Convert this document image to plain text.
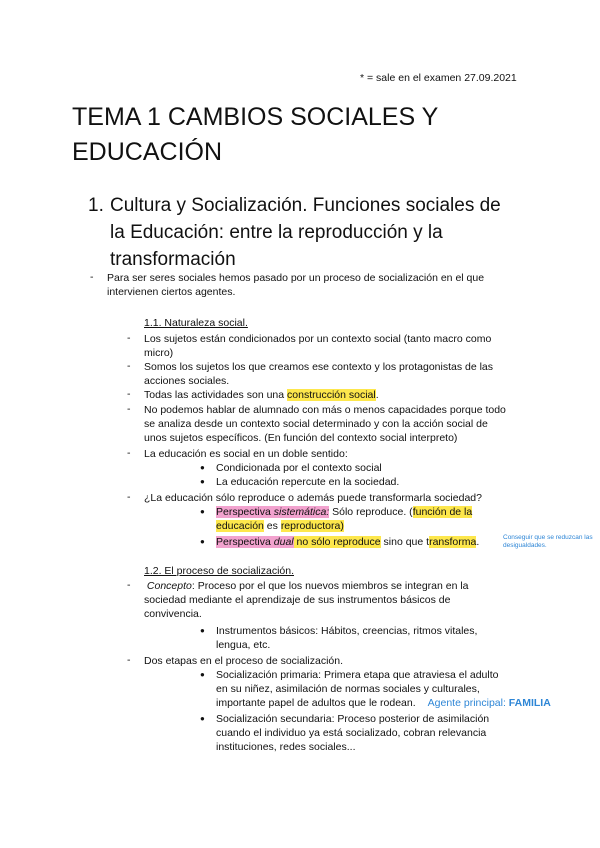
* = sale en el examen 27.09.2021
TEMA 1 CAMBIOS SOCIALES Y
EDUCACIÓN
1. Cultura y Socialización. Funciones sociales de
la Educación: entre la reproducción y la
transformación
- Para ser seres sociales hemos pasado por un proceso de socialización en el que
intervienen ciertos agentes.
1.1. Naturaleza social.
- Los sujetos están condicionados por un contexto social (tanto macro como
micro)
- Somos los sujetos los que creamos ese contexto y los protagonistas de las
acciones sociales.
- Todas las actividades son una construcción social.
- No podemos hablar de alumnado con más o menos capacidades porque todo
se analiza desde un contexto social determinado y con la acción social de
unos sujetos específicos. (En función del contexto social interpreto)
- La educación es social en un doble sentido:
● Condicionada por el contexto social
● La educación repercute en la sociedad.
- ¿La educación sólo reproduce o además puede transformarla sociedad?
● Perspectiva sistemática: Sólo reproduce. (función de la
educación es reproductora)
● Perspectiva dual no sólo reproduce sino que transforma.	Conseguir que se reduzcan las desigualdades.
1.2. El proceso de socialización.
- Concepto: Proceso por el que los nuevos miembros se integran en la
sociedad mediante el aprendizaje de sus instrumentos básicos de
convivencia.
● Instrumentos básicos: Hábitos, creencias, ritmos vitales,
lengua, etc.
- Dos etapas en el proceso de socialización.
● Socialización primaria: Primera etapa que atraviesa el adulto
en su niñez, asimilación de normas sociales y culturales,
importante papel de adultos que le rodean. Agente principal: FAMILIA
● Socialización secundaria: Proceso posterior de asimilación
cuando el individuo ya está socializado, cobran relevancia
instituciones, redes sociales...
